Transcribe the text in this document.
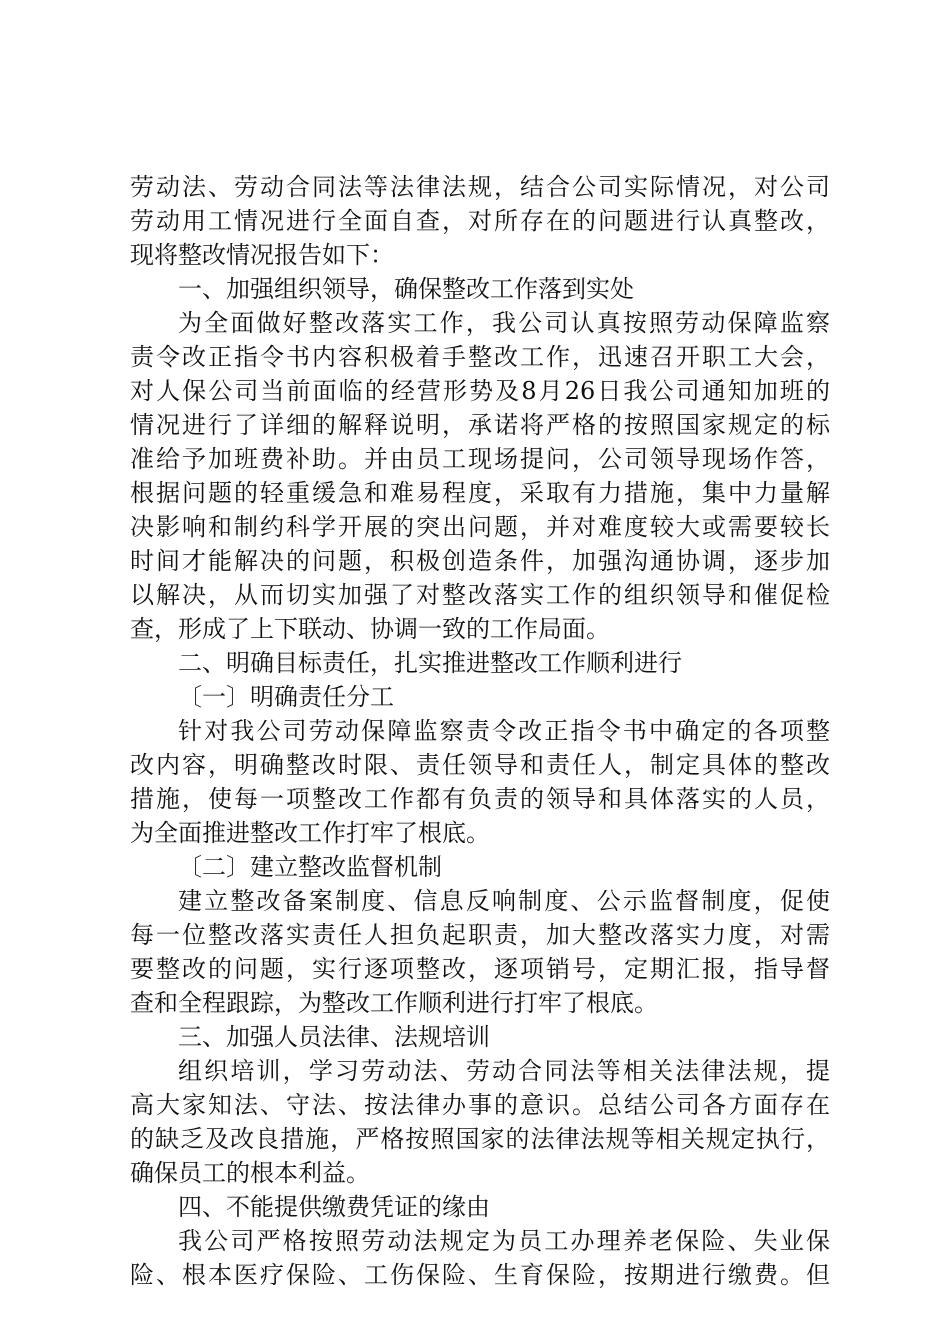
劳动法、劳动合同法等法律法规，结合公司实际情况，对公司
劳动用工情况进行全面自查，对所存在的问题进行认真整改，
现将整改情况报告如下：
一、加强组织领导，确保整改工作落到实处
为全面做好整改落实工作，我公司认真按照劳动保障监察
责令改正指令书内容积极着手整改工作，迅速召开职工大会，
对人保公司当前面临的经营形势及8月26日我公司通知加班的
情况进行了详细的解释说明，承诺将严格的按照国家规定的标
准给予加班费补助。并由员工现场提问，公司领导现场作答，
根据问题的轻重缓急和难易程度，采取有力措施，集中力量解
决影响和制约科学开展的突出问题，并对难度较大或需要较长
时间才能解决的问题，积极创造条件，加强沟通协调，逐步加
以解决，从而切实加强了对整改落实工作的组织领导和催促检
查，形成了上下联动、协调一致的工作局面。
二、明确目标责任，扎实推进整改工作顺利进行
〔一〕明确责任分工
针对我公司劳动保障监察责令改正指令书中确定的各项整
改内容，明确整改时限、责任领导和责任人，制定具体的整改
措施，使每一项整改工作都有负责的领导和具体落实的人员，
为全面推进整改工作打牢了根底。
〔二〕建立整改监督机制
建立整改备案制度、信息反响制度、公示监督制度，促使
每一位整改落实责任人担负起职责，加大整改落实力度，对需
要整改的问题，实行逐项整改，逐项销号，定期汇报，指导督
查和全程跟踪，为整改工作顺利进行打牢了根底。
三、加强人员法律、法规培训
组织培训，学习劳动法、劳动合同法等相关法律法规，提
高大家知法、守法、按法律办事的意识。总结公司各方面存在
的缺乏及改良措施，严格按照国家的法律法规等相关规定执行，
确保员工的根本利益。
四、不能提供缴费凭证的缘由
我公司严格按照劳动法规定为员工办理养老保险、失业保
险、根本医疗保险、工伤保险、生育保险，按期进行缴费。但
